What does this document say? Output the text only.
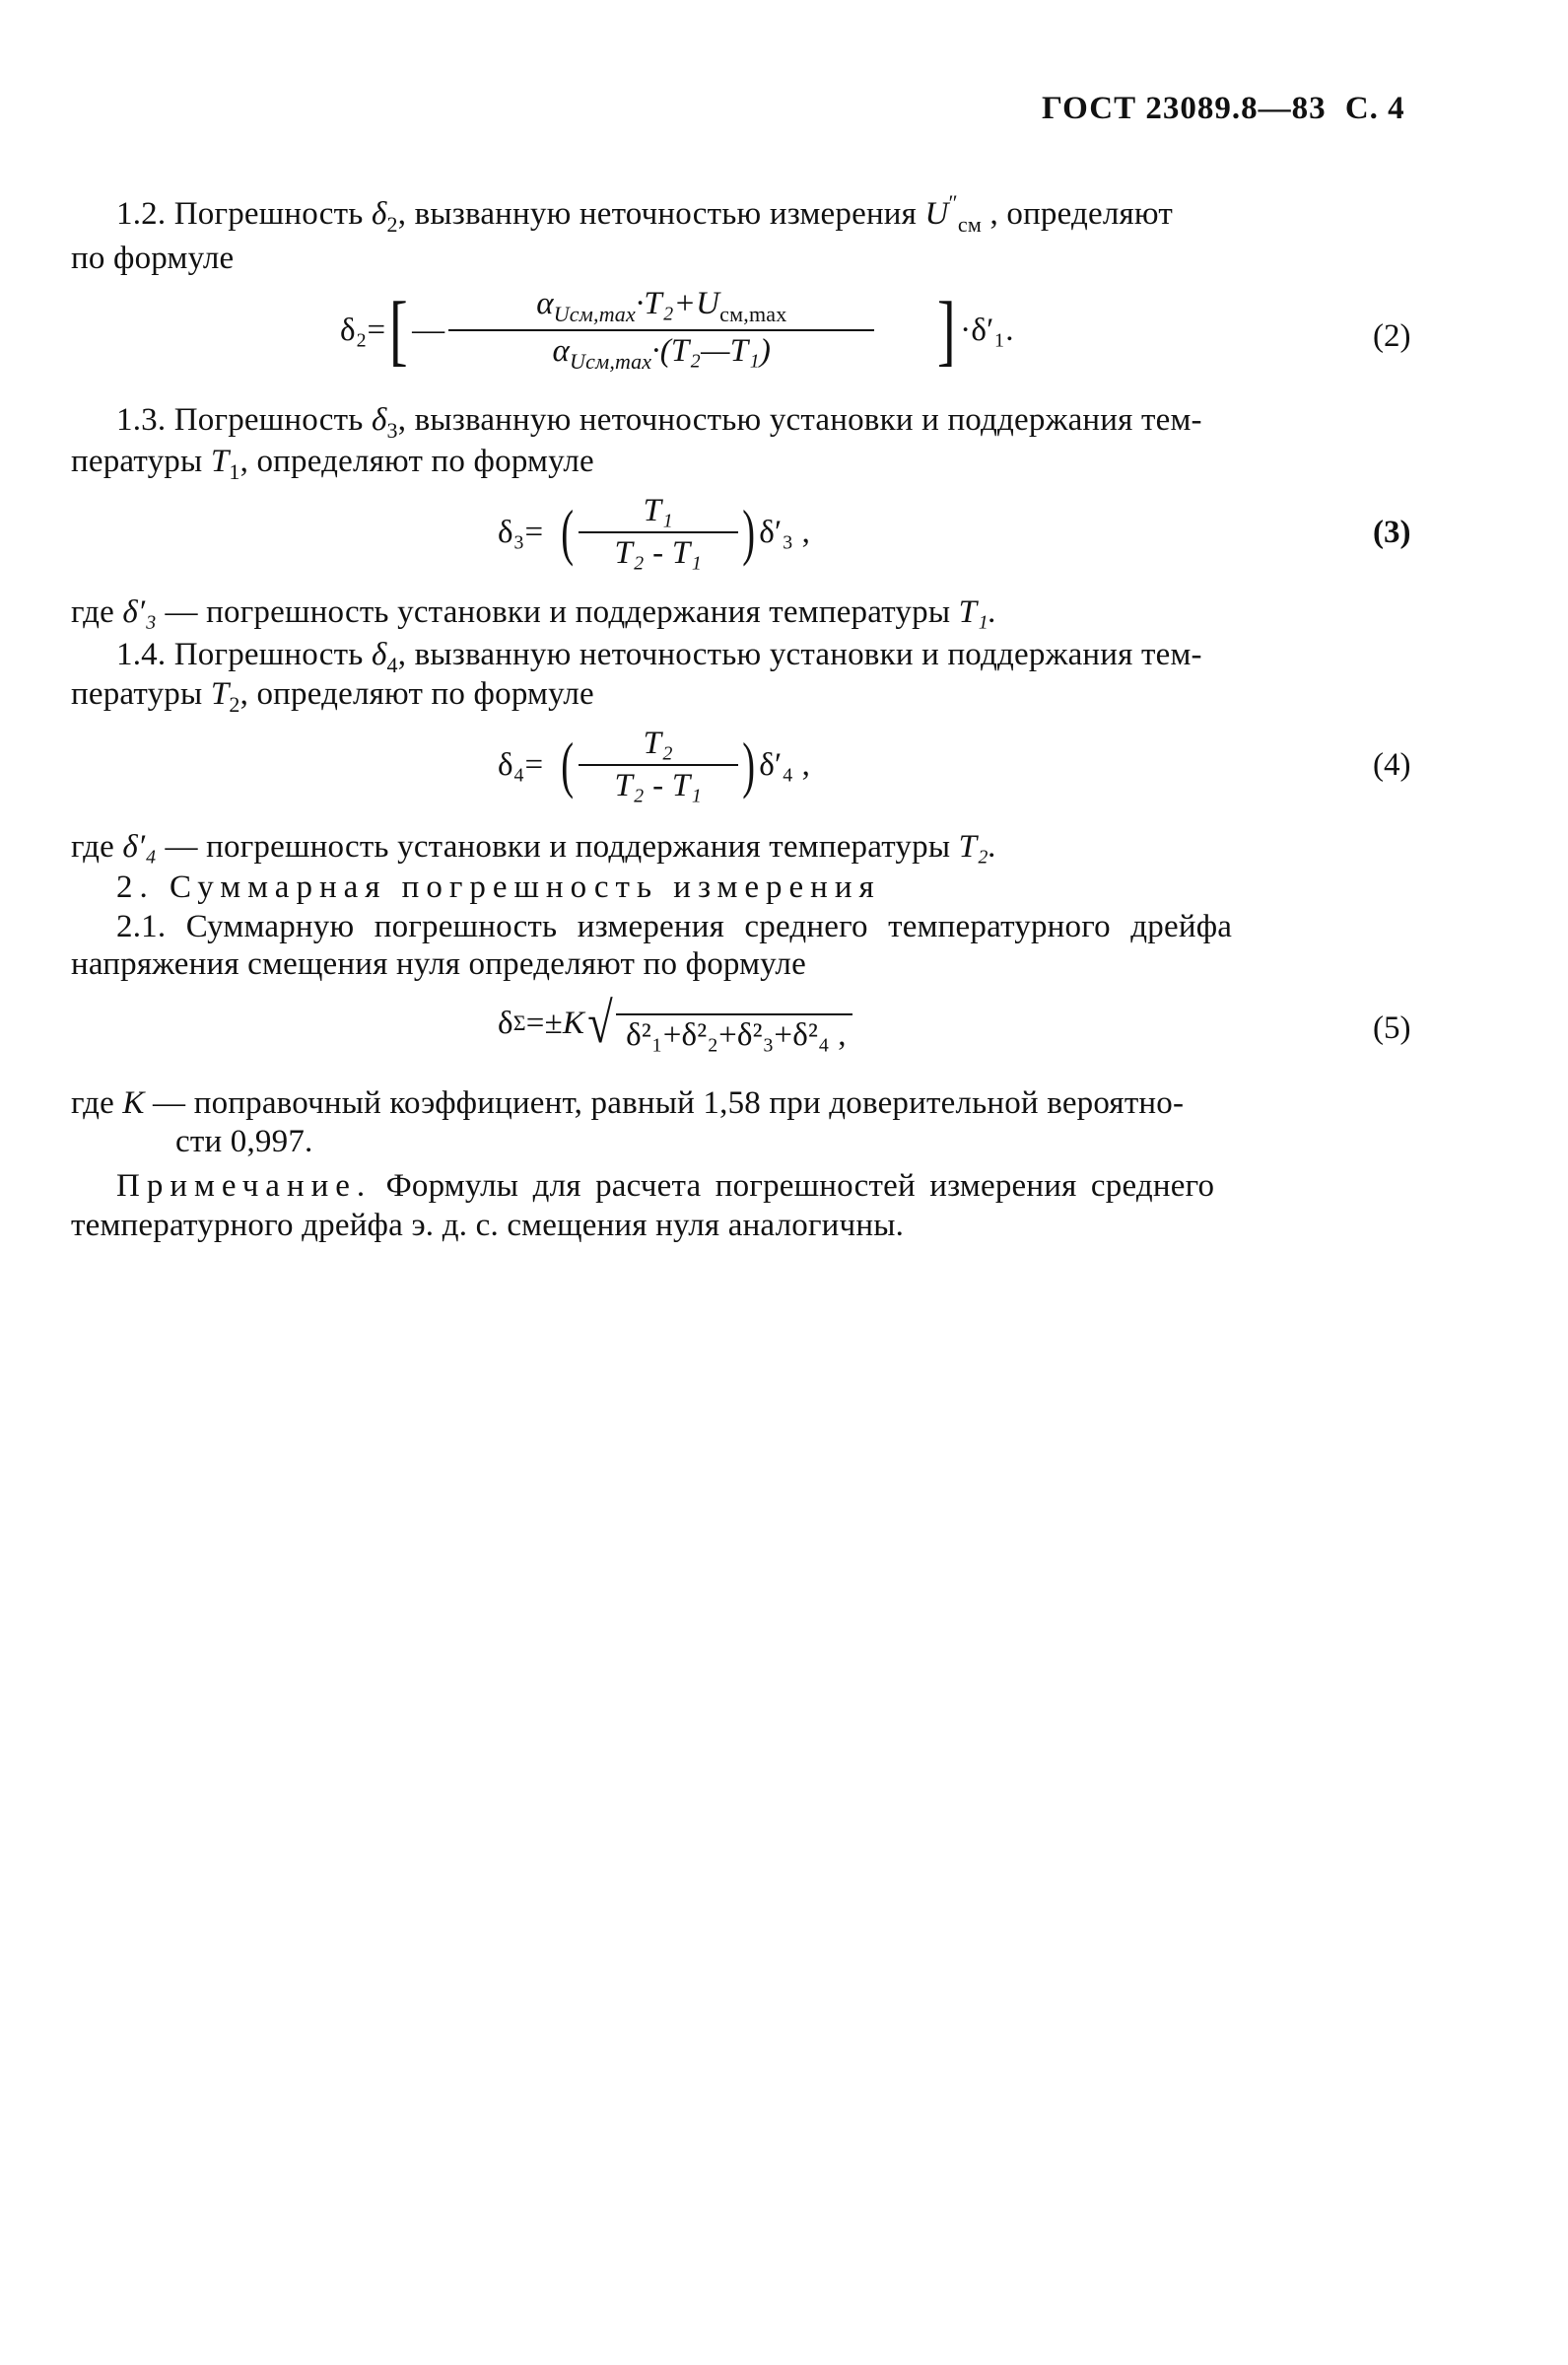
ГОСТ 23089.8—83 С. 4
1.2. Погрешность $\delta_2$, вызванную неточностью измерения $U''_{см}$ , определяют
по формуле
δ₂= [ — $\frac{\alpha_{Uсм,max}\cdot T_2+U_{см,max}}{\alpha_{Uсм,max}\cdot(T_2—T_1)}$ ] ·δ′₁.	(2)
1.3. Погрешность $\delta_3$, вызванную неточностью установки и поддержания тем-
пературы $T_1$, определяют по формуле
δ₃= ( $\frac{\text{T₁}}{\text{T₂ - T₁}}$ ) δ′₃ ,	(3)
где δ′₃ — погрешность установки и поддержания температуры T₁.
1.4. Погрешность $\delta_4$, вызванную неточностью установки и поддержания тем-
пературы $T_2$, определяют по формуле
δ₄= ( $\frac{\text{T₂}}{\text{T₂ - T₁}}$ ) δ′₄ ,	(4)
где δ′₄ — погрешность установки и поддержания температуры T₂.
2. Суммарная погрешность измерения
2.1. Суммарную погрешность измерения среднего температурного дрейфа
напряжения смещения нуля определяют по формуле
δ Σ =± K √ δ²₁+δ²₂+δ²₃+δ²₄ ,	(5)
где K — поправочный коэффициент, равный 1,58 при доверительной вероятно-
сти 0,997.
Примечание. Формулы для расчета погрешностей измерения среднего
температурного дрейфа э. д. с. смещения нуля аналогичны.
